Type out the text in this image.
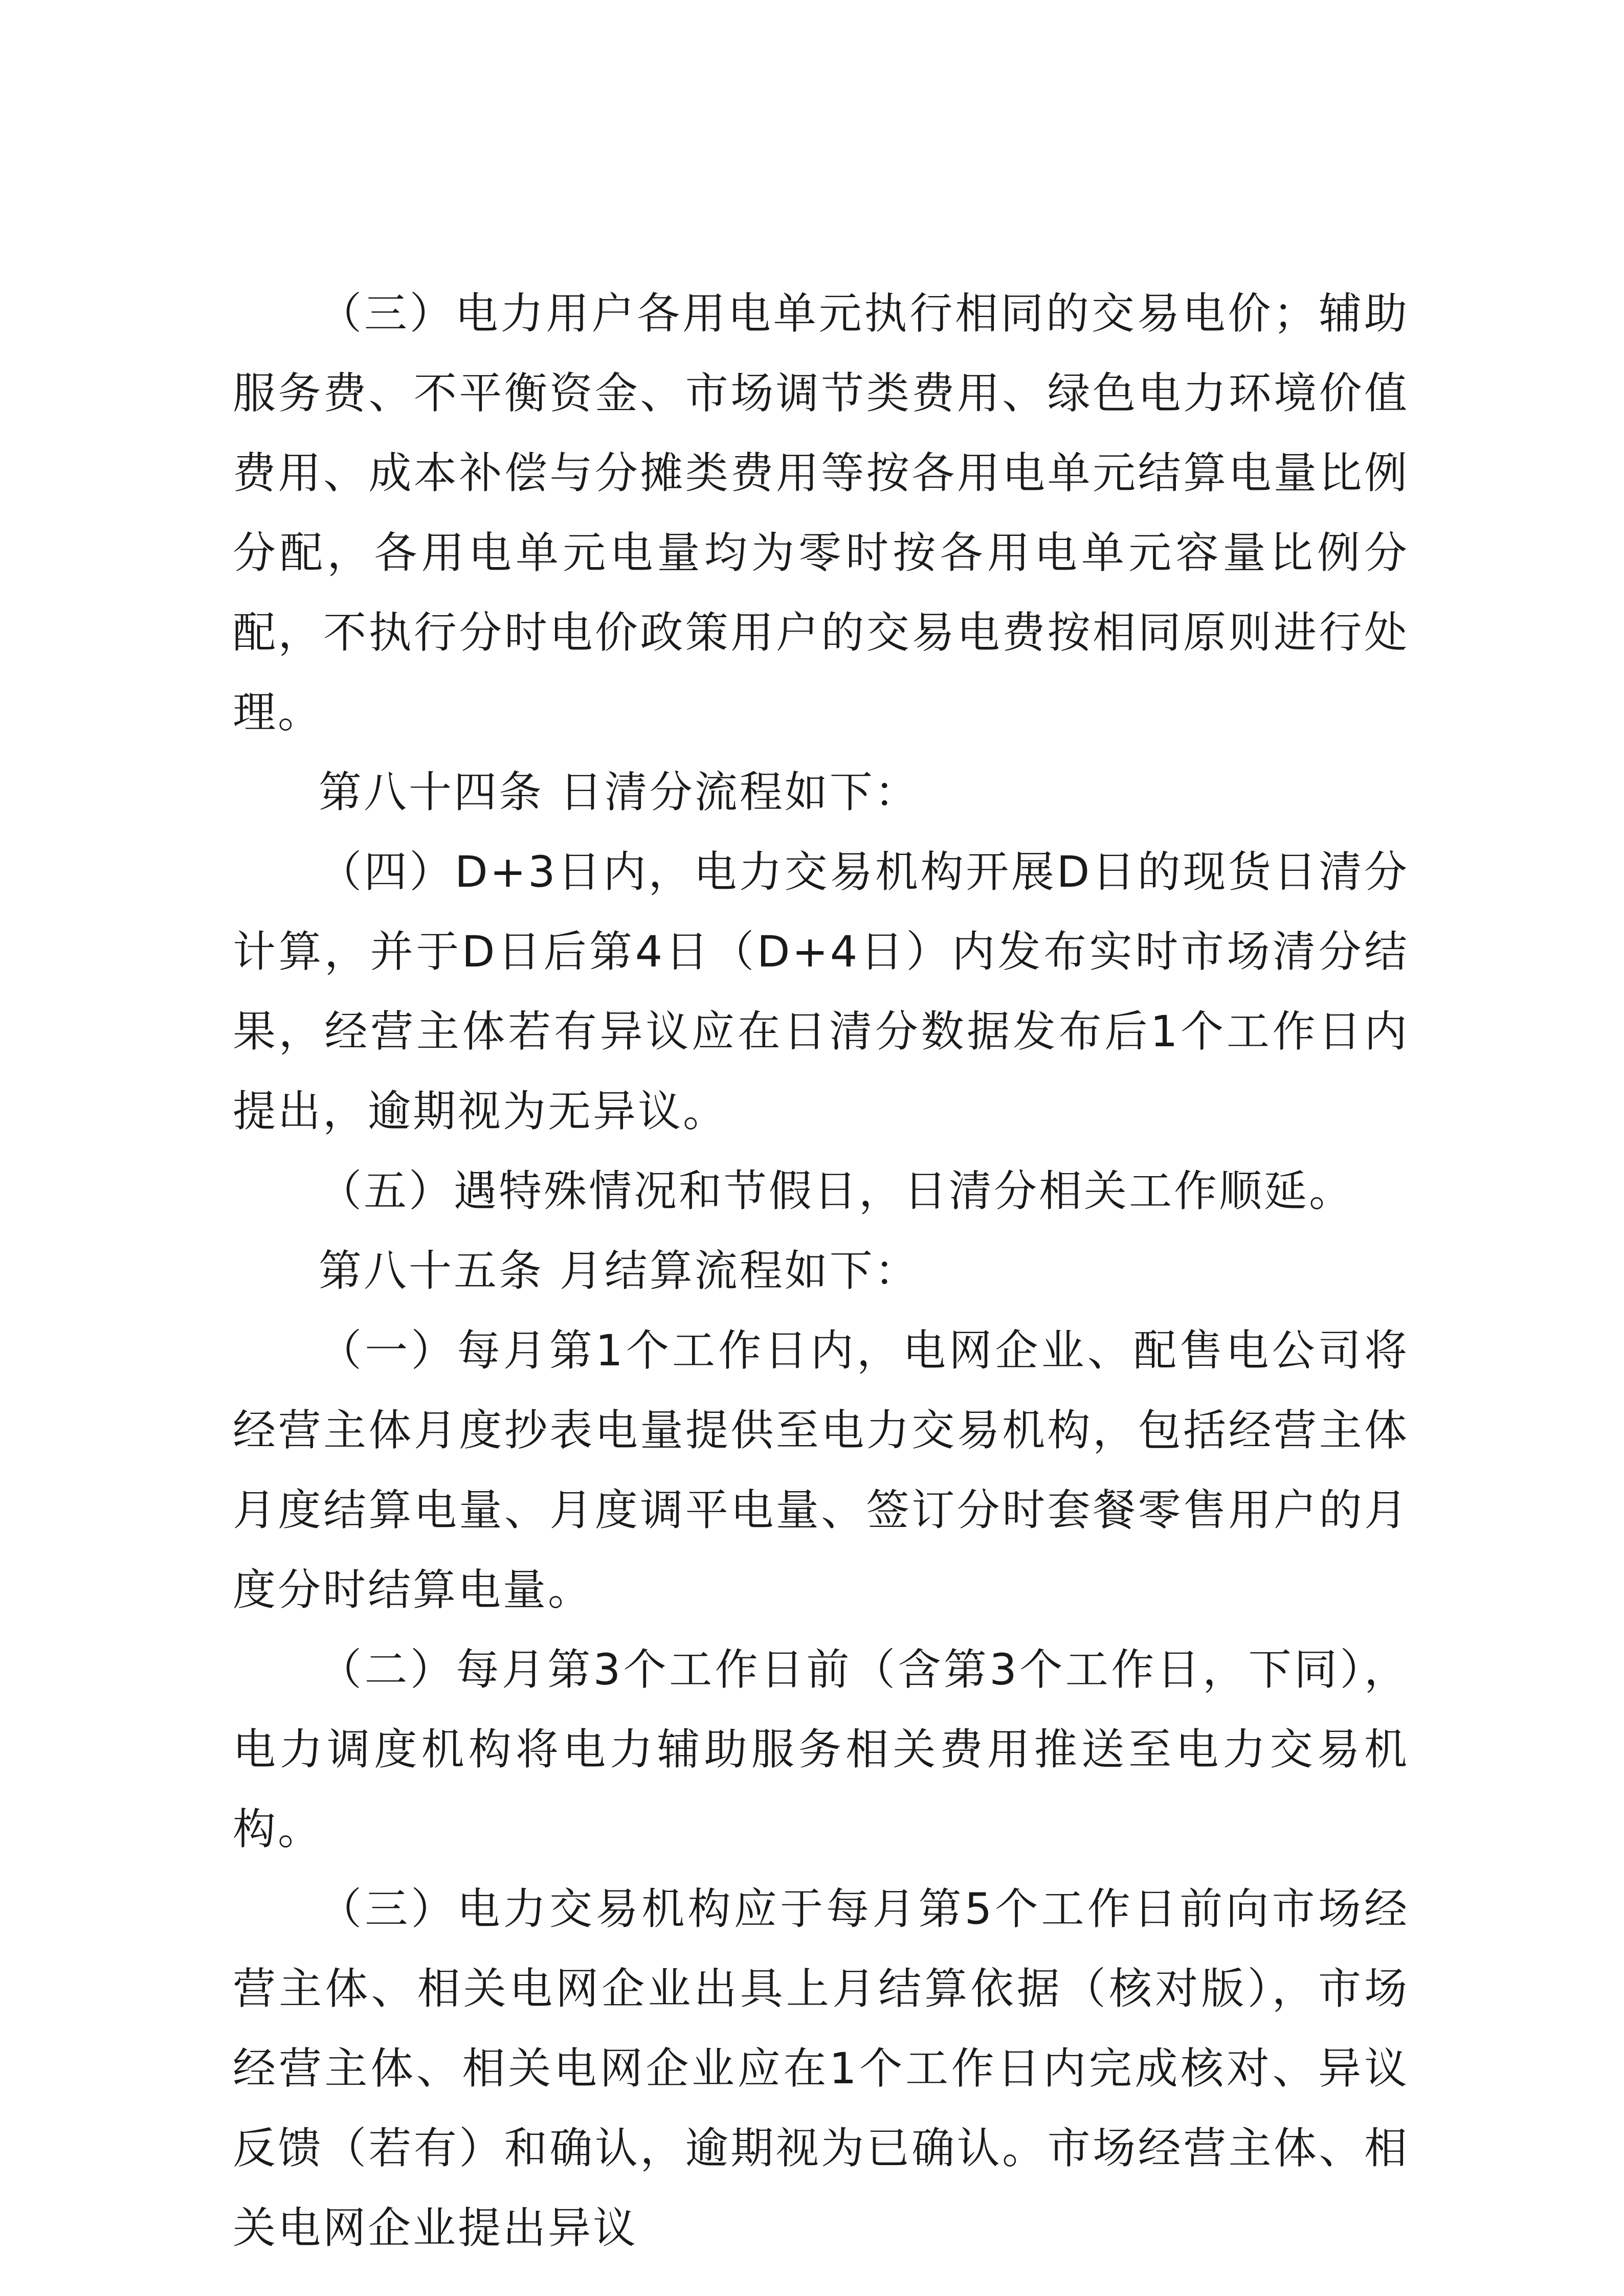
（三）电力用户各用电单元执行相同的交易电价；辅助服务费、不平衡资金、市场调节类费用、绿色电力环境价值费用、成本补偿与分摊类费用等按各用电单元结算电量比例分配，各用电单元电量均为零时按各用电单元容量比例分配，不执行分时电价政策用户的交易电费按相同原则进行处理。

第八十四条 日清分流程如下：

（四）D+3日内，电力交易机构开展D日的现货日清分计算，并于D日后第4日（D+4日）内发布实时市场清分结果，经营主体若有异议应在日清分数据发布后1个工作日内提出，逾期视为无异议。

（五）遇特殊情况和节假日，日清分相关工作顺延。

第八十五条 月结算流程如下：

（一）每月第1个工作日内，电网企业、配售电公司将经营主体月度抄表电量提供至电力交易机构，包括经营主体月度结算电量、月度调平电量、签订分时套餐零售用户的月度分时结算电量。

（二）每月第3个工作日前（含第3个工作日，下同），电力调度机构将电力辅助服务相关费用推送至电力交易机构。

（三）电力交易机构应于每月第5个工作日前向市场经营主体、相关电网企业出具上月结算依据（核对版），市场经营主体、相关电网企业应在1个工作日内完成核对、异议反馈（若有）和确认，逾期视为已确认。市场经营主体、相关电网企业提出异议
